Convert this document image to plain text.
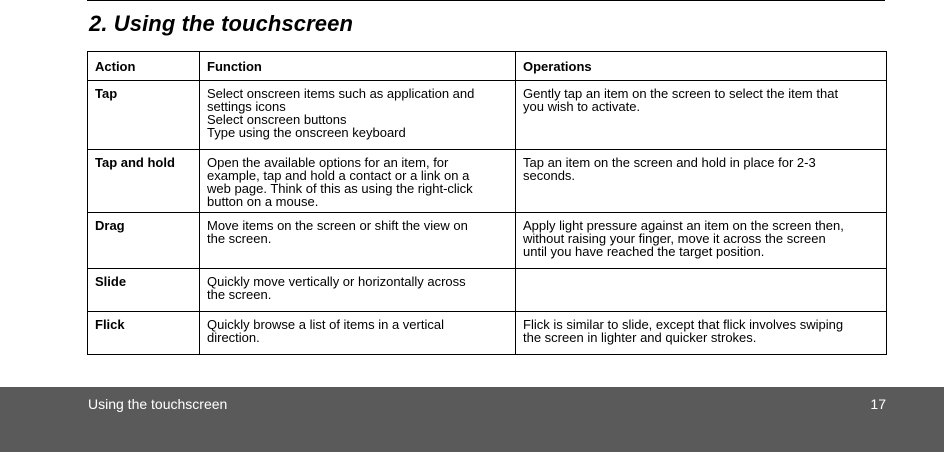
2. Using the touchscreen
Action	Function	Operations
Tap	Select onscreen items such as application and
settings icons
Select onscreen buttons
Type using the onscreen keyboard	Gently tap an item on the screen to select the item that
you wish to activate.

Tap and hold	Open the available options for an item, for
example, tap and hold a contact or a link on a
web page. Think of this as using the right-click
button on a mouse.	Tap an item on the screen and hold in place for 2-3
seconds.

Drag	Move items on the screen or shift the view on
the screen.	Apply light pressure against an item on the screen then,
without raising your finger, move it across the screen
until you have reached the target position.

Slide	Quickly move vertically or horizontally across
the screen.	

Flick	Quickly browse a list of items in a vertical
direction.	Flick is similar to slide, except that flick involves swiping
the screen in lighter and quicker strokes.
Using the touchscreen	17
